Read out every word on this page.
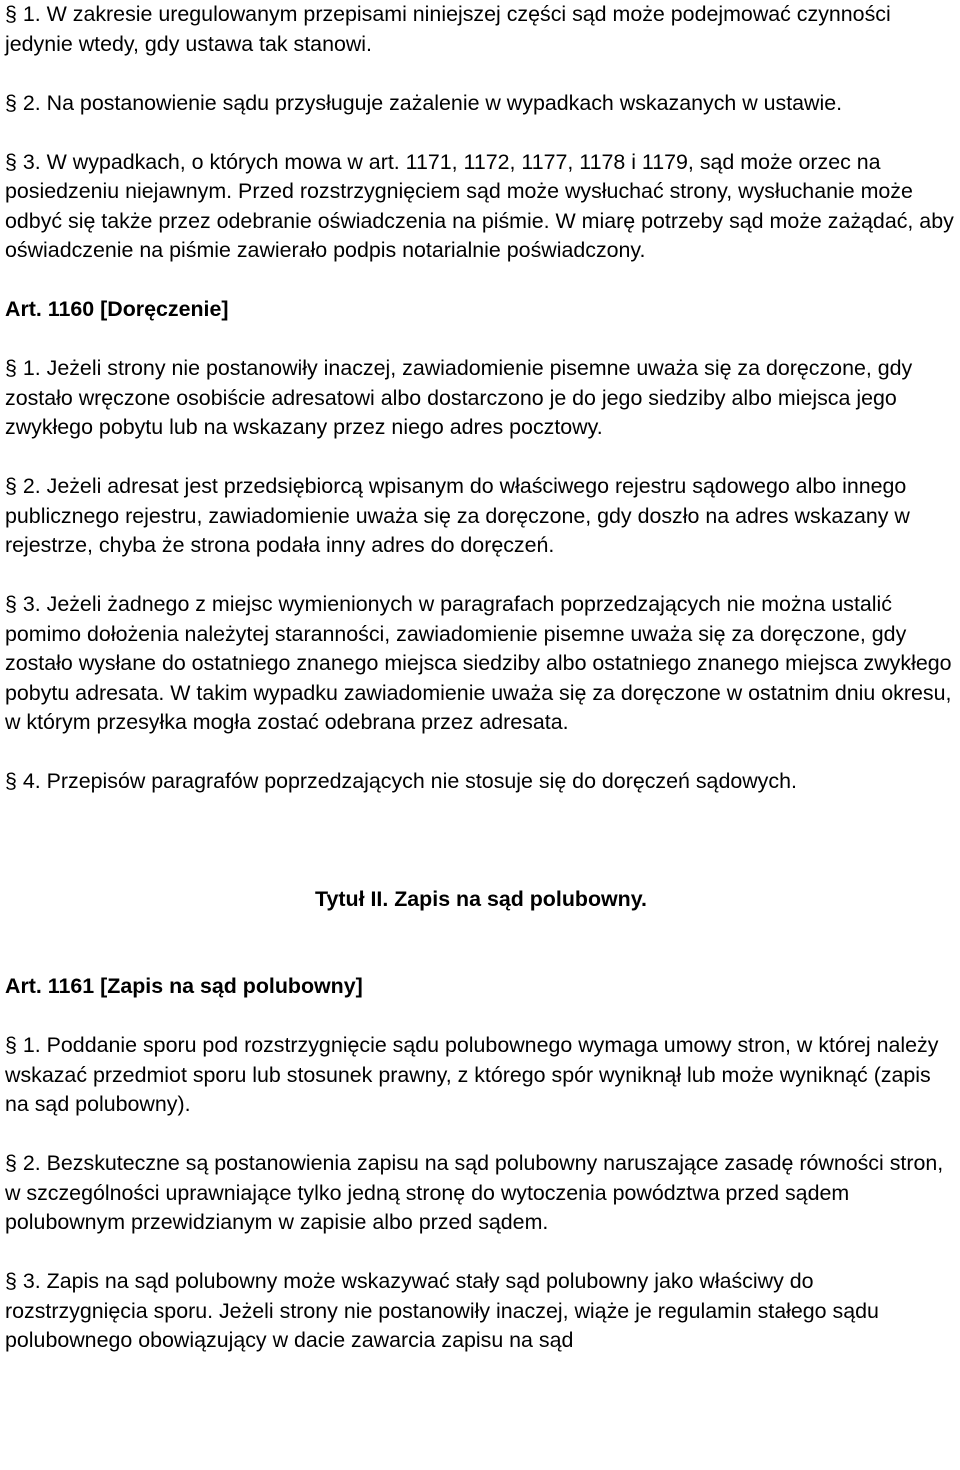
§ 1. W zakresie uregulowanym przepisami niniejszej części sąd może podejmować czynności jedynie wtedy, gdy ustawa tak stanowi.

§ 2. Na postanowienie sądu przysługuje zażalenie w wypadkach wskazanych w ustawie.

§ 3. W wypadkach, o których mowa w art. 1171, 1172, 1177, 1178 i 1179, sąd może orzec na posiedzeniu niejawnym. Przed rozstrzygnięciem sąd może wysłuchać strony, wysłuchanie może odbyć się także przez odebranie oświadczenia na piśmie. W miarę potrzeby sąd może zażądać, aby oświadczenie na piśmie zawierało podpis notarialnie poświadczony.

Art. 1160 [Doręczenie]

§ 1. Jeżeli strony nie postanowiły inaczej, zawiadomienie pisemne uważa się za doręczone, gdy zostało wręczone osobiście adresatowi albo dostarczono je do jego siedziby albo miejsca jego zwykłego pobytu lub na wskazany przez niego adres pocztowy.

§ 2. Jeżeli adresat jest przedsiębiorcą wpisanym do właściwego rejestru sądowego albo innego publicznego rejestru, zawiadomienie uważa się za doręczone, gdy doszło na adres wskazany w rejestrze, chyba że strona podała inny adres do doręczeń.

§ 3. Jeżeli żadnego z miejsc wymienionych w paragrafach poprzedzających nie można ustalić pomimo dołożenia należytej staranności, zawiadomienie pisemne uważa się za doręczone, gdy zostało wysłane do ostatniego znanego miejsca siedziby albo ostatniego znanego miejsca zwykłego pobytu adresata. W takim wypadku zawiadomienie uważa się za doręczone w ostatnim dniu okresu, w którym przesyłka mogła zostać odebrana przez adresata.

§ 4. Przepisów paragrafów poprzedzających nie stosuje się do doręczeń sądowych.

Tytuł II. Zapis na sąd polubowny.

Art. 1161 [Zapis na sąd polubowny]

§ 1. Poddanie sporu pod rozstrzygnięcie sądu polubownego wymaga umowy stron, w której należy wskazać przedmiot sporu lub stosunek prawny, z którego spór wyniknął lub może wyniknąć (zapis na sąd polubowny).

§ 2. Bezskuteczne są postanowienia zapisu na sąd polubowny naruszające zasadę równości stron, w szczególności uprawniające tylko jedną stronę do wytoczenia powództwa przed sądem polubownym przewidzianym w zapisie albo przed sądem.

§ 3. Zapis na sąd polubowny może wskazywać stały sąd polubowny jako właściwy do rozstrzygnięcia sporu. Jeżeli strony nie postanowiły inaczej, wiąże je regulamin stałego sądu polubownego obowiązujący w dacie zawarcia zapisu na sąd
